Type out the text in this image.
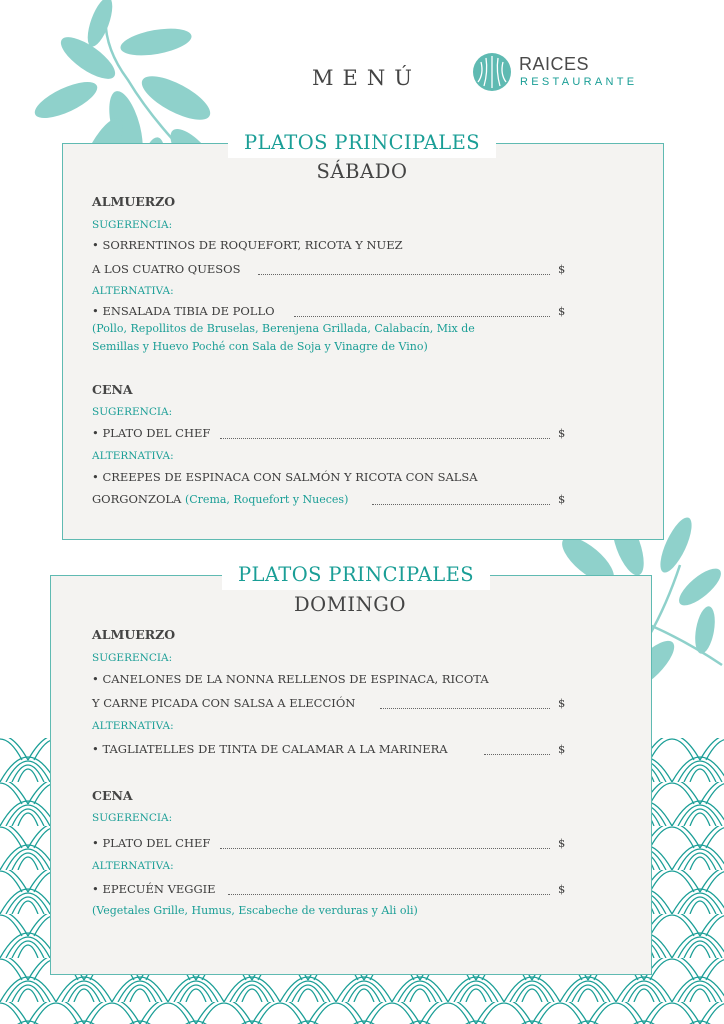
MENÚ
RAICES
RESTAURANTE
PLATOS PRINCIPALES
SÁBADO
ALMUERZO
SUGERENCIA:
• SORRENTINOS DE ROQUEFORT, RICOTA Y NUEZ
A LOS CUATRO QUESOS	$
ALTERNATIVA:
• ENSALADA TIBIA DE POLLO	$
(Pollo, Repollitos de Bruselas, Berenjena Grillada, Calabacín, Mix de
Semillas y Huevo Poché con Sala de Soja y Vinagre de Vino)
CENA
SUGERENCIA:
• PLATO DEL CHEF	$
ALTERNATIVA:
• CREEPES DE ESPINACA CON SALMÓN Y RICOTA CON SALSA
GORGONZOLA (Crema, Roquefort y Nueces)	$
PLATOS PRINCIPALES
DOMINGO
ALMUERZO
SUGERENCIA:
• CANELONES DE LA NONNA RELLENOS DE ESPINACA, RICOTA
Y CARNE PICADA CON SALSA A ELECCIÓN	$
ALTERNATIVA:
• TAGLIATELLES DE TINTA DE CALAMAR A LA MARINERA	$
CENA
SUGERENCIA:
• PLATO DEL CHEF	$
ALTERNATIVA:
• EPECUÉN VEGGIE	$
(Vegetales Grille, Humus, Escabeche de verduras y Ali oli)
